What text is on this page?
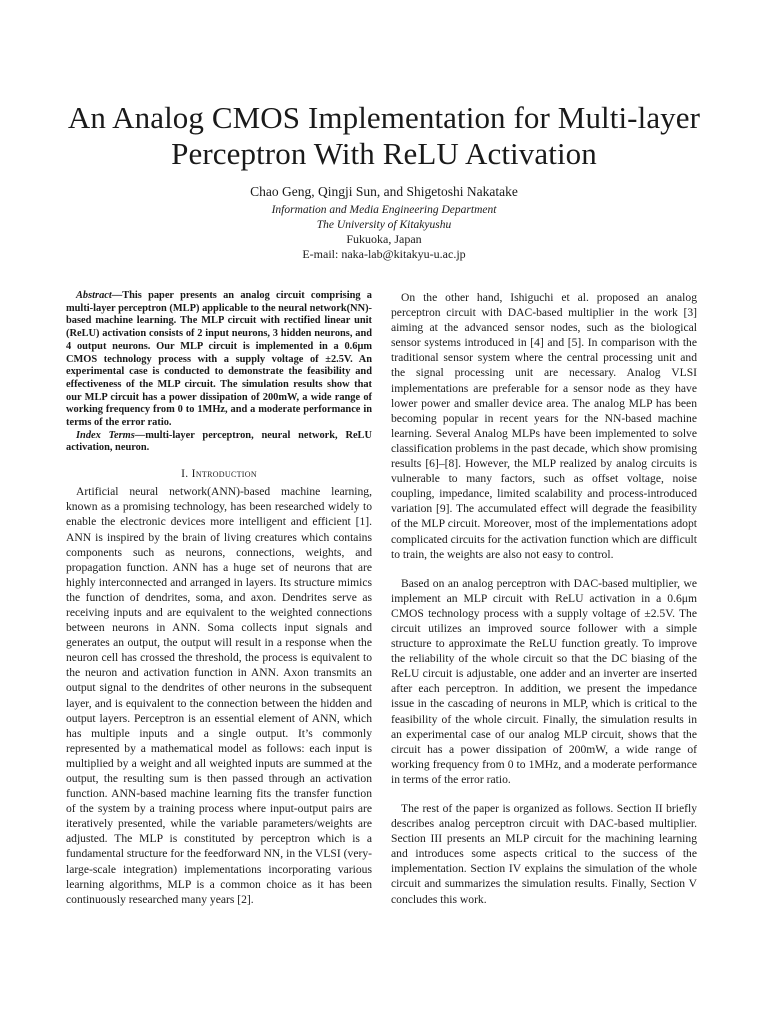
An Analog CMOS Implementation for Multi-layer Perceptron With ReLU Activation
Chao Geng, Qingji Sun, and Shigetoshi Nakatake
Information and Media Engineering Department
The University of Kitakyushu
Fukuoka, Japan
E-mail: naka-lab@kitakyu-u.ac.jp

Abstract—This paper presents an analog circuit comprising a multi-layer perceptron (MLP) applicable to the neural network(NN)-based machine learning. The MLP circuit with rectified linear unit (ReLU) activation consists of 2 input neurons, 3 hidden neurons, and 4 output neurons. Our MLP circuit is implemented in a 0.6μm CMOS technology process with a supply voltage of ±2.5V. An experimental case is conducted to demonstrate the feasibility and effectiveness of the MLP circuit. The simulation results show that our MLP circuit has a power dissipation of 200mW, a wide range of working frequency from 0 to 1MHz, and a moderate performance in terms of the error ratio.

Index Terms—multi-layer perceptron, neural network, ReLU activation, neuron.

I. Introduction

Artificial neural network(ANN)-based machine learning, known as a promising technology, has been researched widely to enable the electronic devices more intelligent and efficient [1]. ANN is inspired by the brain of living creatures which contains components such as neurons, connections, weights, and propagation function. ANN has a huge set of neurons that are highly interconnected and arranged in layers. Its structure mimics the function of dendrites, soma, and axon. Dendrites serve as receiving inputs and are equivalent to the weighted connections between neurons in ANN. Soma collects input signals and generates an output, the output will result in a response when the neuron cell has crossed the threshold, the process is equivalent to the neuron and activation function in ANN. Axon transmits an output signal to the dendrites of other neurons in the subsequent layer, and is equivalent to the connection between the hidden and output layers. Perceptron is an essential element of ANN, which has multiple inputs and a single output. It’s commonly represented by a mathematical model as follows: each input is multiplied by a weight and all weighted inputs are summed at the output, the resulting sum is then passed through an activation function. ANN-based machine learning fits the transfer function of the system by a training process where input-output pairs are iteratively presented, while the variable parameters/weights are adjusted. The MLP is constituted by perceptron which is a fundamental structure for the feedforward NN, in the VLSI (very-large-scale integration) implementations incorporating various learning algorithms, MLP is a common choice as it has been continuously researched many years [2].

On the other hand, Ishiguchi et al. proposed an analog perceptron circuit with DAC-based multiplier in the work [3] aiming at the advanced sensor nodes, such as the biological sensor systems introduced in [4] and [5]. In comparison with the traditional sensor system where the central processing unit and the signal processing unit are necessary. Analog VLSI implementations are preferable for a sensor node as they have lower power and smaller device area. The analog MLP has been becoming popular in recent years for the NN-based machine learning. Several Analog MLPs have been implemented to solve classification problems in the past decade, which show promising results [6]–[8]. However, the MLP realized by analog circuits is vulnerable to many factors, such as offset voltage, noise coupling, impedance, limited scalability and process-introduced variation [9]. The accumulated effect will degrade the feasibility of the MLP circuit. Moreover, most of the implementations adopt complicated circuits for the activation function which are difficult to train, the weights are also not easy to control.

Based on an analog perceptron with DAC-based multiplier, we implement an MLP circuit with ReLU activation in a 0.6μm CMOS technology process with a supply voltage of ±2.5V. The circuit utilizes an improved source follower with a simple structure to approximate the ReLU function greatly. To improve the reliability of the whole circuit so that the DC biasing of the ReLU circuit is adjustable, one adder and an inverter are inserted after each perceptron. In addition, we present the impedance issue in the cascading of neurons in MLP, which is critical to the feasibility of the whole circuit. Finally, the simulation results in an experimental case of our analog MLP circuit, shows that the circuit has a power dissipation of 200mW, a wide range of working frequency from 0 to 1MHz, and a moderate performance in terms of the error ratio.

The rest of the paper is organized as follows. Section II briefly describes analog perceptron circuit with DAC-based multiplier. Section III presents an MLP circuit for the machining learning and introduces some aspects critical to the success of the implementation. Section IV explains the simulation of the whole circuit and summarizes the simulation results. Finally, Section V concludes this work.
